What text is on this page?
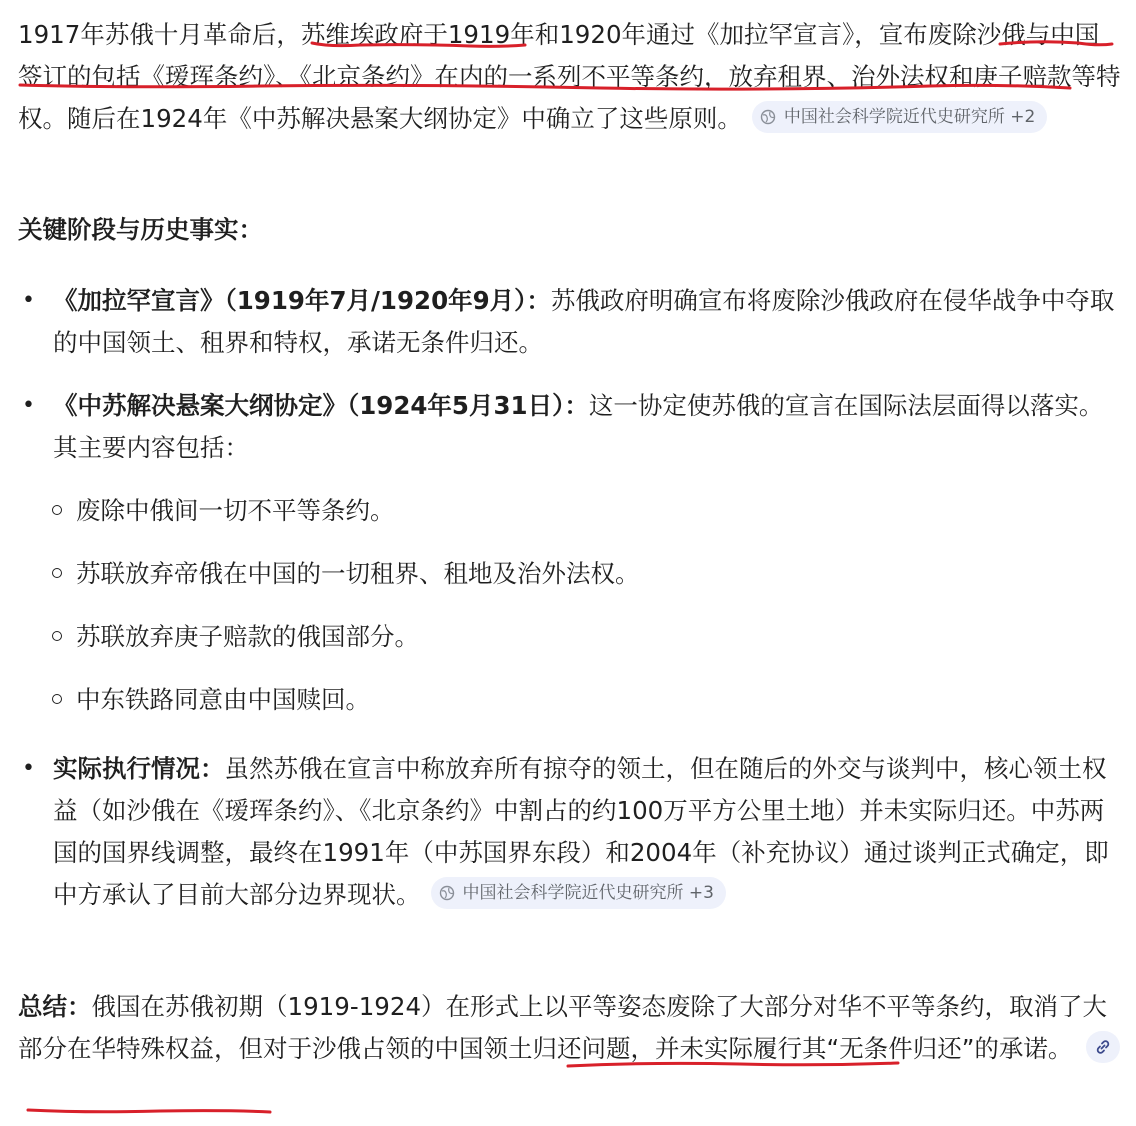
1917年苏俄十月革命后，苏维埃政府于1919年和1920年通过《加拉罕宣言》，宣布废除沙俄与中国签订的包括《瑷珲条约》、《北京条约》在内的一系列不平等条约，放弃租界、治外法权和庚子赔款等特权。随后在1924年《中苏解决悬案大纲协定》中确立了这些原则。 中国社会科学院近代史研究所 +2

关键阶段与历史事实：

• 《加拉罕宣言》（1919年7月/1920年9月）：苏俄政府明确宣布将废除沙俄政府在侵华战争中夺取的中国领土、租界和特权，承诺无条件归还。
• 《中苏解决悬案大纲协定》（1924年5月31日）：这一协定使苏俄的宣言在国际法层面得以落实。其主要内容包括：
废除中俄间一切不平等条约。
苏联放弃帝俄在中国的一切租界、租地及治外法权。
苏联放弃庚子赔款的俄国部分。
中东铁路同意由中国赎回。
• 实际执行情况：虽然苏俄在宣言中称放弃所有掠夺的领土，但在随后的外交与谈判中，核心领土权益（如沙俄在《瑷珲条约》、《北京条约》中割占的约100万平方公里土地）并未实际归还。中苏两国的国界线调整，最终在1991年（中苏国界东段）和2004年（补充协议）通过谈判正式确定，即中方承认了目前大部分边界现状。 中国社会科学院近代史研究所 +3
总结：俄国在苏俄初期（1919-1924）在形式上以平等姿态废除了大部分对华不平等条约，取消了大部分在华特殊权益，但对于沙俄占领的中国领土归还问题，并未实际履行其“无条件归还”的承诺。
